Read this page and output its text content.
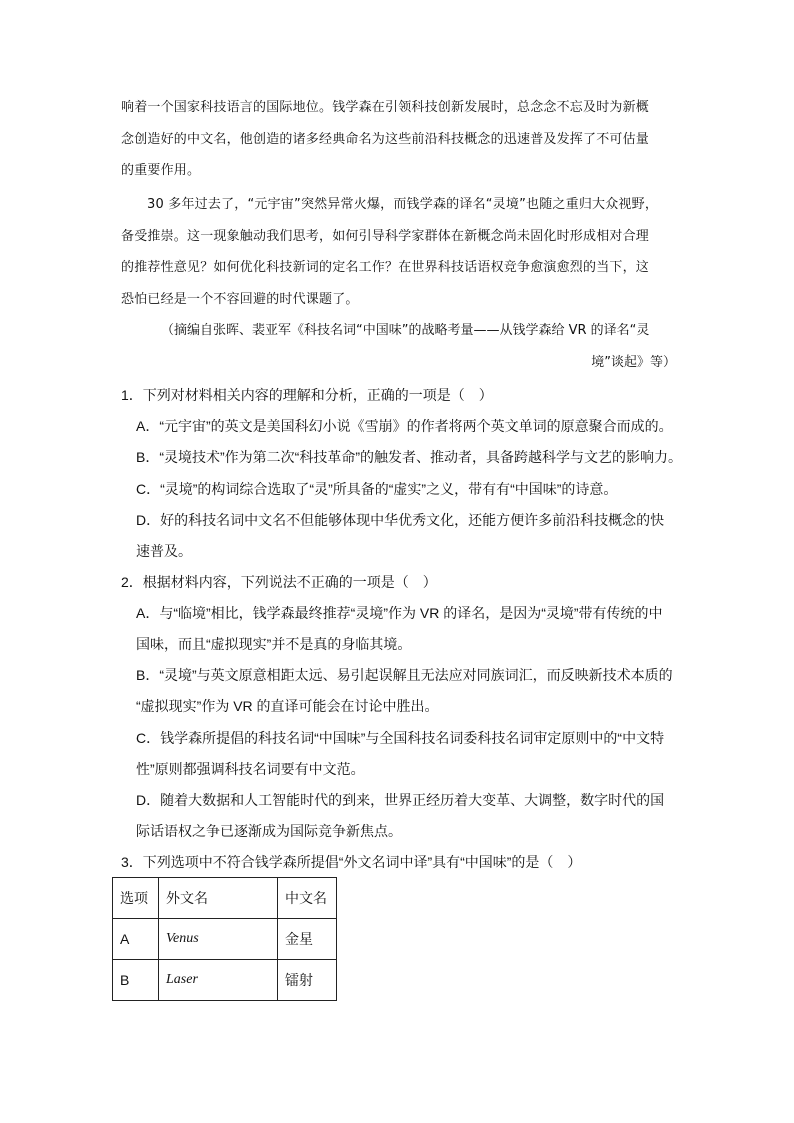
响着一个国家科技语言的国际地位。钱学森在引领科技创新发展时，总念念不忘及时为新概
念创造好的中文名，他创造的诸多经典命名为这些前沿科技概念的迅速普及发挥了不可估量
的重要作用。
30 多年过去了，“元宇宙”突然异常火爆，而钱学森的译名“灵境”也随之重归大众视野，
备受推崇。这一现象触动我们思考，如何引导科学家群体在新概念尚未固化时形成相对合理
的推荐性意见？如何优化科技新词的定名工作？在世界科技话语权竞争愈演愈烈的当下，这
恐怕已经是一个不容回避的时代课题了。
（摘编自张晖、裴亚军《科技名词“中国味”的战略考量——从钱学森给 VR 的译名“灵
境”谈起》等）
1．下列对材料相关内容的理解和分析，正确的一项是（　）
A．“元宇宙”的英文是美国科幻小说《雪崩》的作者将两个英文单词的原意聚合而成的。
B．“灵境技术”作为第二次“科技革命”的触发者、推动者，具备跨越科学与文艺的影响力。
C．“灵境”的构词综合选取了“灵”所具备的“虚实”之义，带有有“中国味”的诗意。
D．好的科技名词中文名不但能够体现中华优秀文化，还能方便许多前沿科技概念的快
速普及。
2．根据材料内容，下列说法不正确的一项是（　）
A．与“临境”相比，钱学森最终推荐“灵境”作为 VR 的译名，是因为“灵境”带有传统的中
国味，而且“虚拟现实”并不是真的身临其境。
B．“灵境”与英文原意相距太远、易引起误解且无法应对同族词汇，而反映新技术本质的
“虚拟现实”作为 VR 的直译可能会在讨论中胜出。
C．钱学森所提倡的科技名词“中国味”与全国科技名词委科技名词审定原则中的“中文特
性”原则都强调科技名词要有中文范。
D．随着大数据和人工智能时代的到来，世界正经历着大变革、大调整，数字时代的国
际话语权之争已逐渐成为国际竞争新焦点。
3．下列选项中不符合钱学森所提倡“外文名词中译”具有“中国味”的是（　）
选项	外文名	中文名
A	Venus	金星
B	Laser	镭射
